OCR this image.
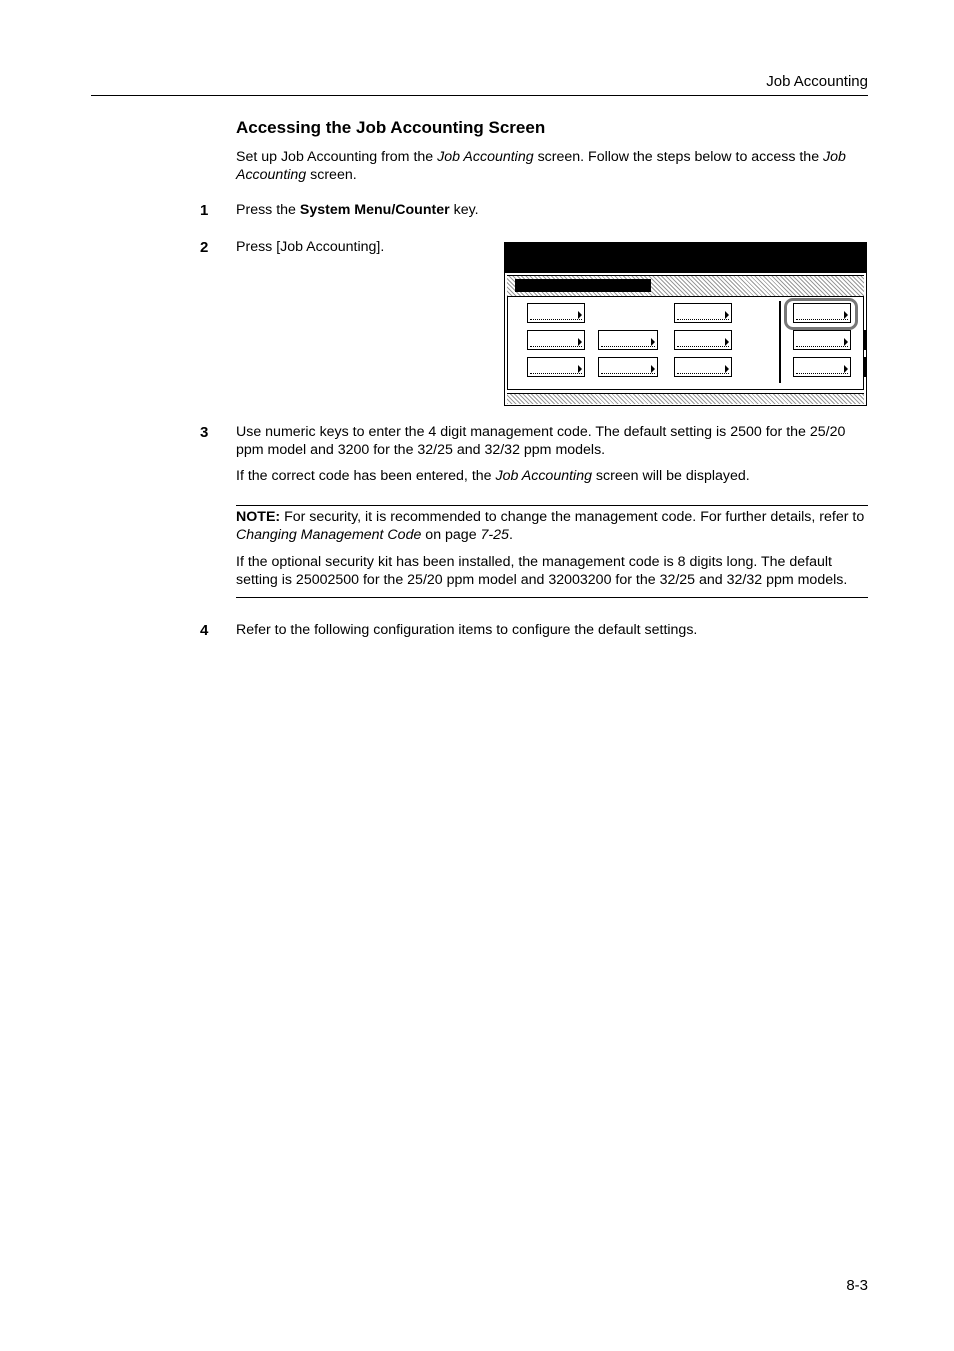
Job Accounting
Accessing the Job Accounting Screen
Set up Job Accounting from the Job Accounting screen. Follow the steps below to access the Job Accounting screen.
1 Press the System Menu/Counter key.
2 Press [Job Accounting].
3 Use numeric keys to enter the 4 digit management code. The default setting is 2500 for the 25/20 ppm model and 3200 for the 32/25 and 32/32 ppm models.
If the correct code has been entered, the Job Accounting screen will be displayed.
NOTE: For security, it is recommended to change the management code. For further details, refer to Changing Management Code on page 7-25.
If the optional security kit has been installed, the management code is 8 digits long. The default setting is 25002500 for the 25/20 ppm model and 32003200 for the 32/25 and 32/32 ppm models.
4 Refer to the following configuration items to configure the default settings.
8-3
